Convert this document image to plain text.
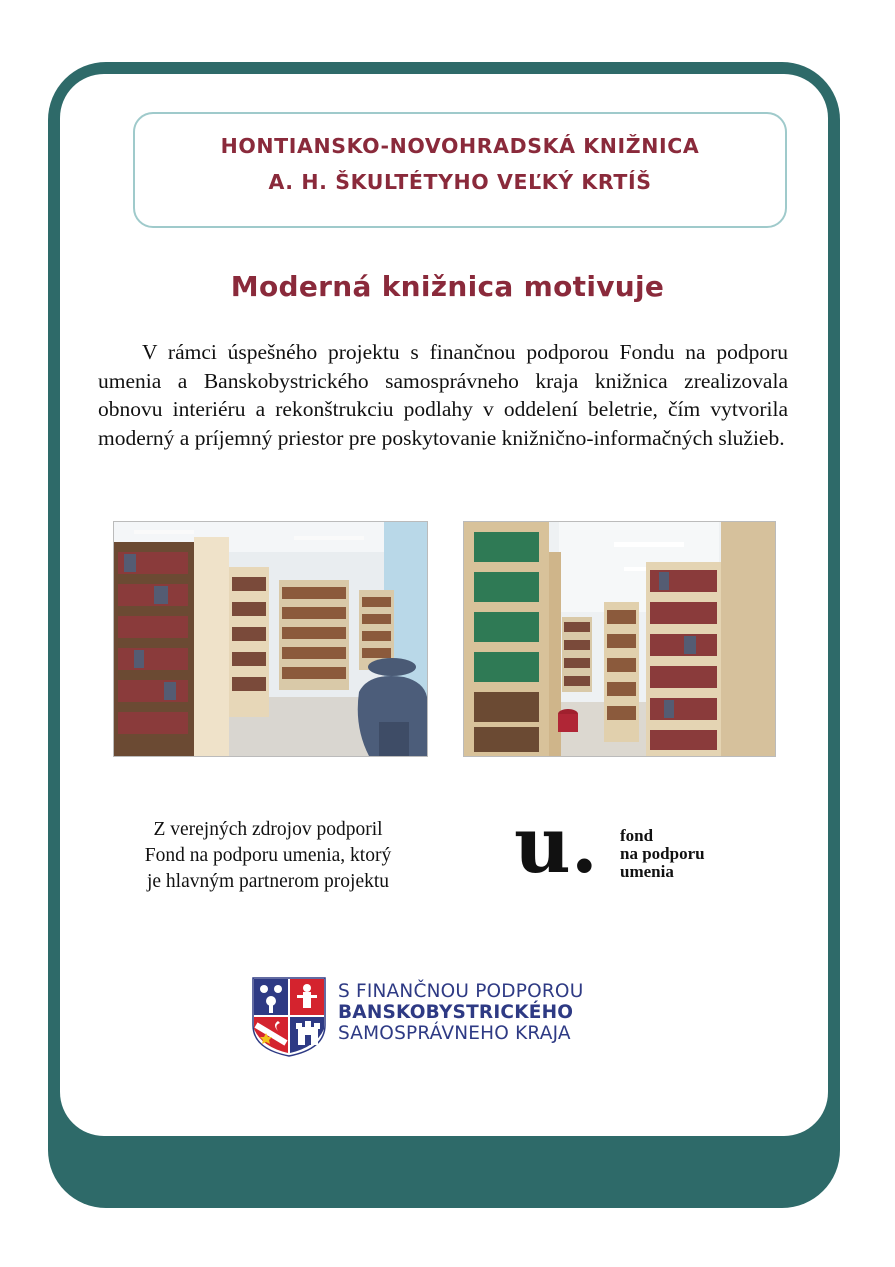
HONTIANSKO-NOVOHRADSKÁ KNIŽNICA
A. H. ŠKULTÉTYHO VEĽKÝ KRTÍŠ
Moderná knižnica motivuje
V rámci úspešného projektu s finančnou podporou Fondu na podporu umenia a Banskobystrického samosprávneho kraja knižnica zrealizovala obnovu interiéru a rekonštrukciu podlahy v oddelení beletrie, čím vytvorila moderný a príjemný priestor pre poskytovanie knižnično-informačných služieb.
Z verejných zdrojov podporil
Fond na podporu umenia, ktorý
je hlavným partnerom projektu	u. fond
na podporu
umenia
S FINANČNOU PODPOROU
BANSKOBYSTRICKÉHO
SAMOSPRÁVNEHO KRAJA
